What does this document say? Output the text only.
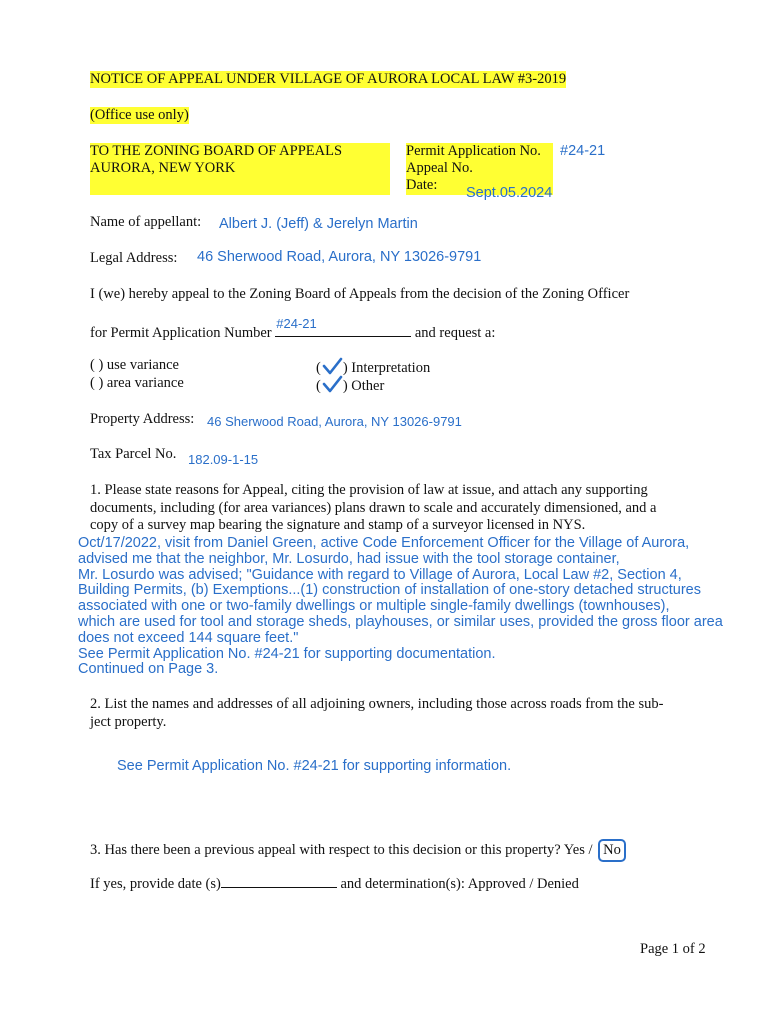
NOTICE OF APPEAL UNDER VILLAGE OF AURORA LOCAL LAW #3-2019
(Office use only)
TO THE ZONING BOARD OF APPEALS
AURORA, NEW YORK
Permit Application No.
Appeal No.
Date:
#24-21
Sept.05.2024
Name of appellant: Albert J. (Jeff) & Jerelyn Martin
Legal Address: 46 Sherwood Road, Aurora, NY 13026-9791
I (we) hereby appeal to the Zoning Board of Appeals from the decision of the Zoning Officer
for Permit Application Number
#24-21
and request a:
( ) use variance
( ) area variance
( ) Interpretation
( ) Other
Property Address: 46 Sherwood Road, Aurora, NY 13026-9791
Tax Parcel No. 182.09-1-15
1. Please state reasons for Appeal, citing the provision of law at issue, and attach any supporting
documents, including (for area variances) plans drawn to scale and accurately dimensioned, and a
copy of a survey map bearing the signature and stamp of a surveyor licensed in NYS.
Oct/17/2022, visit from Daniel Green, active Code Enforcement Officer for the Village of Aurora,
advised me that the neighbor, Mr. Losurdo, had issue with the tool storage container,
Mr. Losurdo was advised; "Guidance with regard to Village of Aurora, Local Law #2, Section 4,
Building Permits, (b) Exemptions...(1) construction of installation of one-story detached structures
associated with one or two-family dwellings or multiple single-family dwellings (townhouses),
which are used for tool and storage sheds, playhouses, or similar uses, provided the gross floor area
does not exceed 144 square feet."
See Permit Application No. #24-21 for supporting documentation.
Continued on Page 3.
2. List the names and addresses of all adjoining owners, including those across roads from the sub-
ject property.
See Permit Application No. #24-21 for supporting information.
3. Has there been a previous appeal with respect to this decision or this property? Yes / No
If yes, provide date (s)	and determination(s): Approved / Denied
Page 1 of 2
